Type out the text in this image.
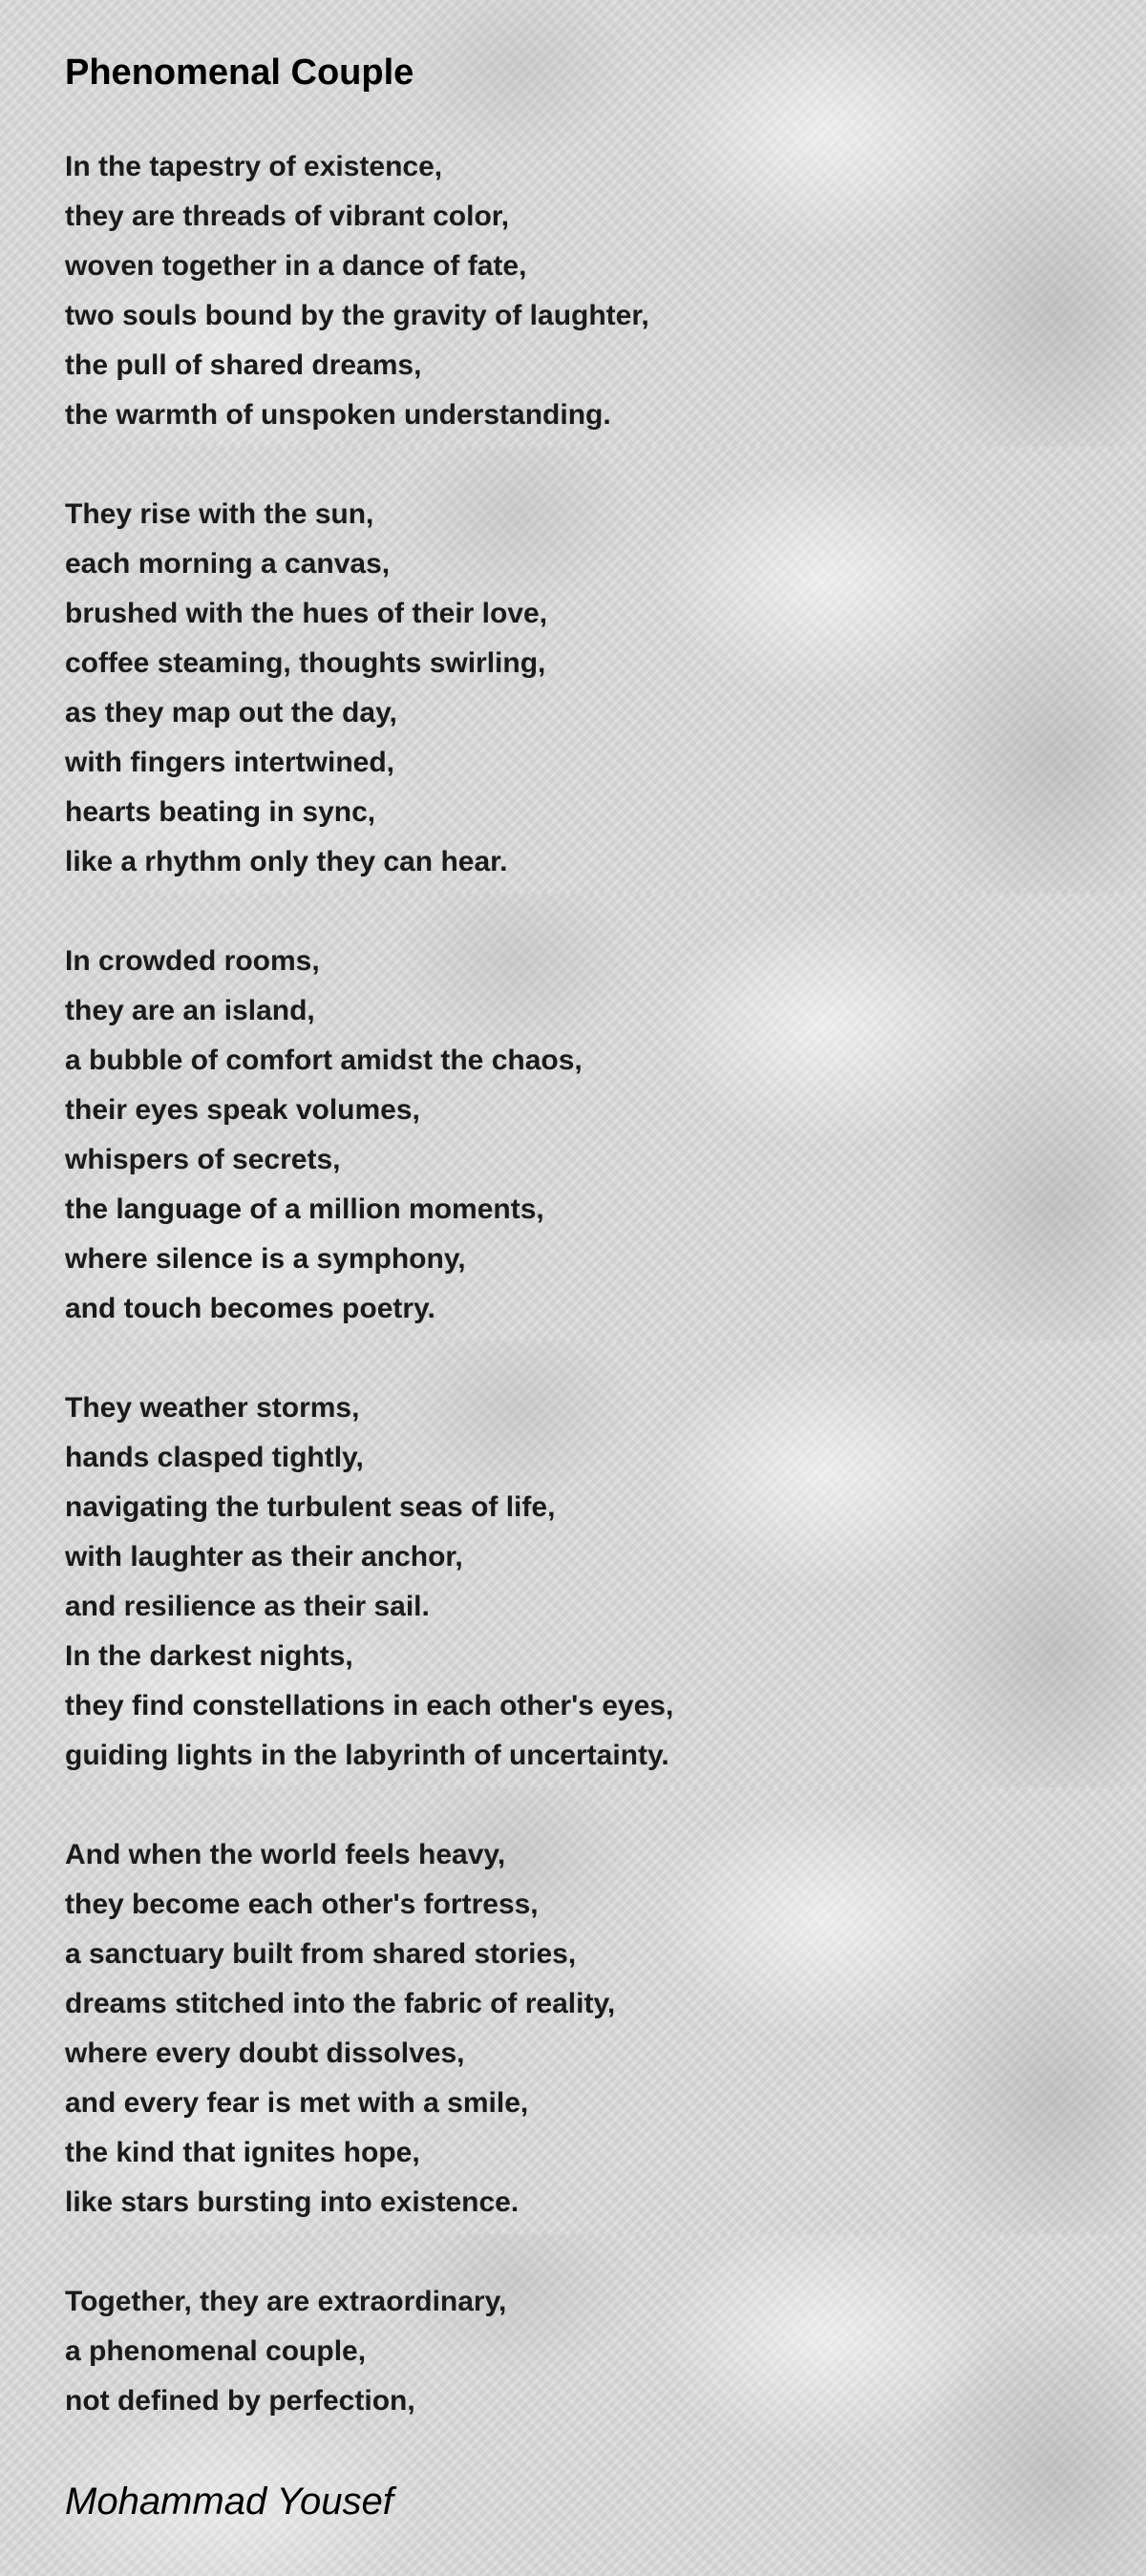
Phenomenal Couple
In the tapestry of existence,
they are threads of vibrant color,
woven together in a dance of fate,
two souls bound by the gravity of laughter,
the pull of shared dreams,
the warmth of unspoken understanding.
They rise with the sun,
each morning a canvas,
brushed with the hues of their love,
coffee steaming, thoughts swirling,
as they map out the day,
with fingers intertwined,
hearts beating in sync,
like a rhythm only they can hear.
In crowded rooms,
they are an island,
a bubble of comfort amidst the chaos,
their eyes speak volumes,
whispers of secrets,
the language of a million moments,
where silence is a symphony,
and touch becomes poetry.
They weather storms,
hands clasped tightly,
navigating the turbulent seas of life,
with laughter as their anchor,
and resilience as their sail.
In the darkest nights,
they find constellations in each other's eyes,
guiding lights in the labyrinth of uncertainty.
And when the world feels heavy,
they become each other's fortress,
a sanctuary built from shared stories,
dreams stitched into the fabric of reality,
where every doubt dissolves,
and every fear is met with a smile,
the kind that ignites hope,
like stars bursting into existence.
Together, they are extraordinary,
a phenomenal couple,
not defined by perfection,
Mohammad Yousef
